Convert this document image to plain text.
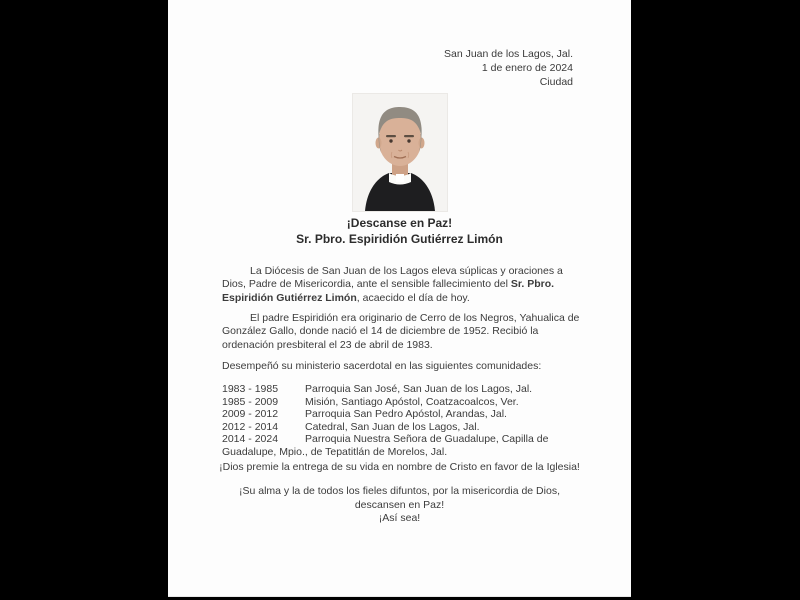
San Juan de los Lagos, Jal.
1 de enero de 2024
Ciudad
¡Descanse en Paz!
Sr. Pbro. Espiridión Gutiérrez Limón

La Diócesis de San Juan de los Lagos eleva súplicas y oraciones a Dios, Padre de Misericordia, ante el sensible fallecimiento del Sr. Pbro. Espiridión Gutiérrez Limón, acaecido el día de hoy.

El padre Espiridión era originario de Cerro de los Negros, Yahualica de González Gallo, donde nació el 14 de diciembre de 1952. Recibió la ordenación presbiteral el 23 de abril de 1983.

Desempeñó su ministerio sacerdotal en las siguientes comunidades:

1983 - 1985	Parroquia San José, San Juan de los Lagos, Jal.
1985 - 2009	Misión, Santiago Apóstol, Coatzacoalcos, Ver.
2009 - 2012	Parroquia San Pedro Apóstol, Arandas, Jal.
2012 - 2014	Catedral, San Juan de los Lagos, Jal.
2014 - 2024	Parroquia Nuestra Señora de Guadalupe, Capilla de
Guadalupe, Mpio., de Tepatitlán de Morelos, Jal.

¡Dios premie la entrega de su vida en nombre de Cristo en favor de la Iglesia!

¡Su alma y la de todos los fieles difuntos, por la misericordia de Dios, descansen en Paz!

¡Así sea!
